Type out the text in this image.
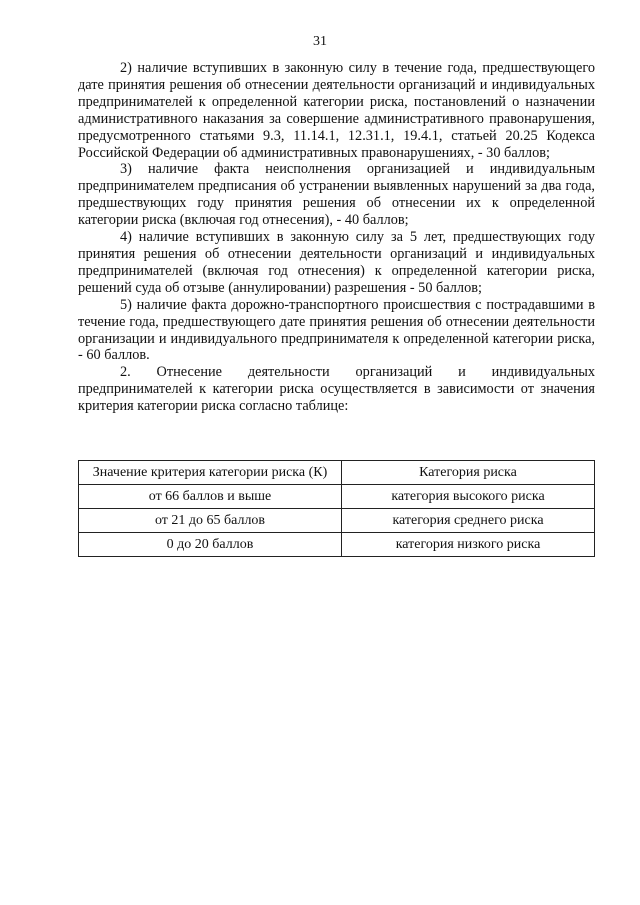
31

2) наличие вступивших в законную силу в течение года, предшествующего дате принятия решения об отнесении деятельности организаций и индивидуальных предпринимателей к определенной категории риска, постановлений о назначении административного наказания за совершение административного правонарушения, предусмотренного статьями 9.3, 11.14.1, 12.31.1, 19.4.1, статьей 20.25 Кодекса Российской Федерации об административных правонарушениях, - 30 баллов;

3) наличие факта неисполнения организацией и индивидуальным предпринимателем предписания об устранении выявленных нарушений за два года, предшествующих году принятия решения об отнесении их к определенной категории риска (включая год отнесения), - 40 баллов;

4) наличие вступивших в законную силу за 5 лет, предшествующих году принятия решения об отнесении деятельности организаций и индивидуальных предпринимателей (включая год отнесения) к определенной категории риска, решений суда об отзыве (аннулировании) разрешения - 50 баллов;

5) наличие факта дорожно-транспортного происшествия с пострадавшими в течение года, предшествующего дате принятия решения об отнесении деятельности организации и индивидуального предпринимателя к определенной категории риска, - 60 баллов.

2. Отнесение деятельности организаций и индивидуальных предпринимателей к категории риска осуществляется в зависимости от значения критерия категории риска согласно таблице:

Значение критерия категории риска (К)	Категория риска
от 66 баллов и выше	категория высокого риска
от 21 до 65 баллов	категория среднего риска
0 до 20 баллов	категория низкого риска
